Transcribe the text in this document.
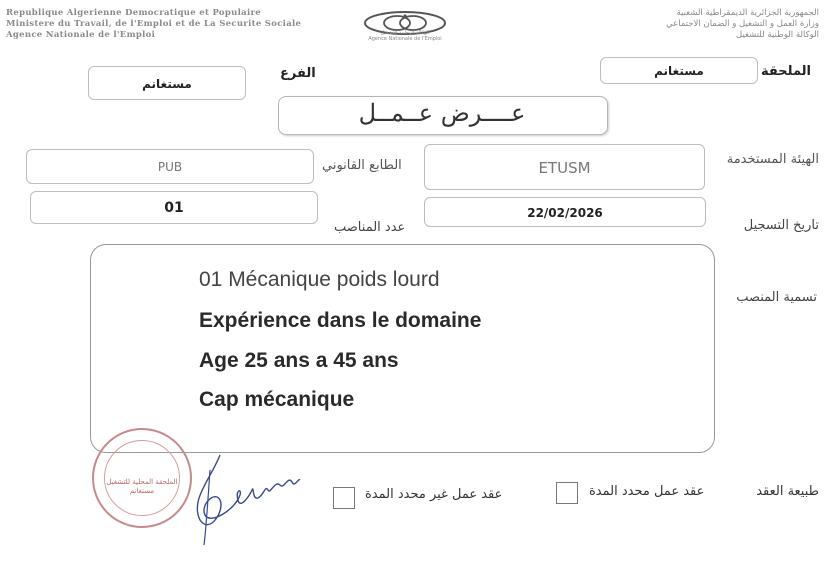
Republique Algerienne Democratique et Populaire
Ministere du Travail, de l'Emploi et de La Securite Sociale
Agence Nationale de l'Emploi	الوكالة الوطنية للتشغيل
Agence Nationale de l'Emploi
الجمهورية الجزائرية الديمقراطية الشعبية
وزارة العمل و التشغيل و الضمان الاجتماعي
الوكالة الوطنية للتشغيل
الملحقة
مستغانم
الفرع
مستغانم
عــــرض عــمــل
الهيئة المستخدمة
ETUSM
الطابع القانوني
PUB
تاريخ التسجيل
22/02/2026
عدد المناصب
01
تسمية المنصب
01 Mécanique poids lourd
Expérience dans le domaine
Age 25 ans a 45 ans
Cap mécanique
طبيعة العقد
عقد عمل محدد المدة
عقد عمل غير محدد المدة
الملحقة المحلية للتشغيل مستغانم
